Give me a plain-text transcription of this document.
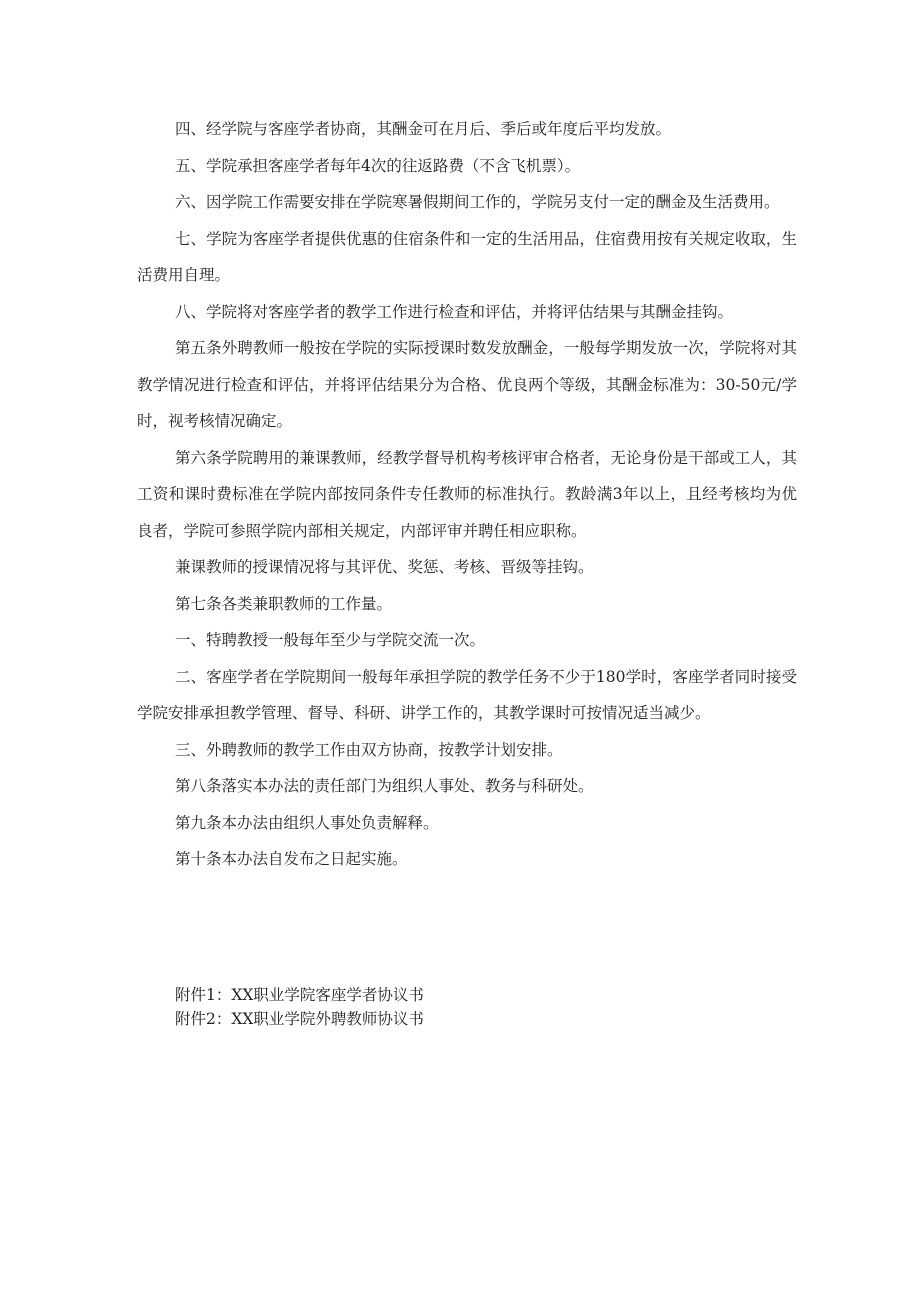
四、经学院与客座学者协商，其酬金可在月后、季后或年度后平均发放。

五、学院承担客座学者每年4次的往返路费（不含飞机票）。

六、因学院工作需要安排在学院寒暑假期间工作的，学院另支付一定的酬金及生活费用。

七、学院为客座学者提供优惠的住宿条件和一定的生活用品，住宿费用按有关规定收取，生活费用自理。

八、学院将对客座学者的教学工作进行检查和评估，并将评估结果与其酬金挂钩。

第五条外聘教师一般按在学院的实际授课时数发放酬金，一般每学期发放一次，学院将对其教学情况进行检查和评估，并将评估结果分为合格、优良两个等级，其酬金标准为：30-50元/学时，视考核情况确定。

第六条学院聘用的兼课教师，经教学督导机构考核评审合格者，无论身份是干部或工人，其工资和课时费标准在学院内部按同条件专任教师的标准执行。教龄满3年以上，且经考核均为优良者，学院可参照学院内部相关规定，内部评审并聘任相应职称。

兼课教师的授课情况将与其评优、奖惩、考核、晋级等挂钩。

第七条各类兼职教师的工作量。

一、特聘教授一般每年至少与学院交流一次。

二、客座学者在学院期间一般每年承担学院的教学任务不少于180学时，客座学者同时接受学院安排承担教学管理、督导、科研、讲学工作的，其教学课时可按情况适当减少。

三、外聘教师的教学工作由双方协商，按教学计划安排。

第八条落实本办法的责任部门为组织人事处、教务与科研处。

第九条本办法由组织人事处负责解释。

第十条本办法自发布之日起实施。

附件1：XX职业学院客座学者协议书

附件2：XX职业学院外聘教师协议书
